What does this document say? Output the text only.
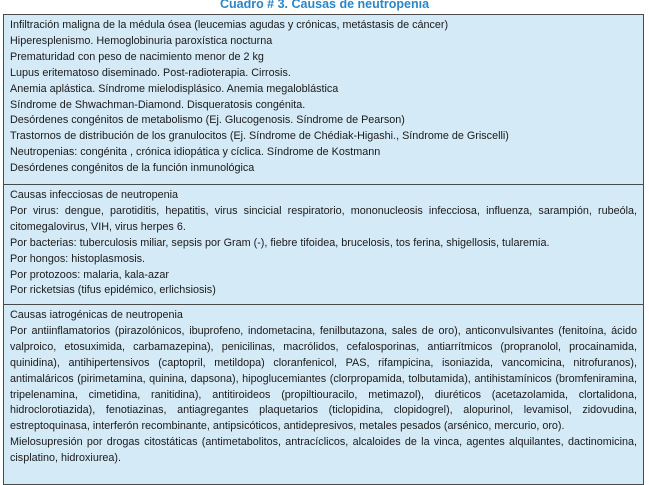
Cuadro # 3. Causas de neutropenia
Infiltración maligna de la médula ósea (leucemias agudas y crónicas, metástasis de cáncer)
Hiperesplenismo. Hemoglobinuria paroxística nocturna
Prematuridad con peso de nacimiento menor de 2 kg
Lupus eritematoso diseminado. Post-radioterapia. Cirrosis.
Anemia aplástica. Síndrome mielodisplásico. Anemia megaloblástica
Síndrome de Shwachman-Diamond. Disqueratosis congénita.
Desórdenes congénitos de metabolismo (Ej. Glucogenosis. Síndrome de Pearson)
Trastornos de distribución de los granulocitos (Ej. Síndrome de Chédiak-Higashi., Síndrome de Griscelli)
Neutropenias: congénita , crónica idiopática y cíclica. Síndrome de Kostmann
Desórdenes congénitos de la función inmunológica
Causas infecciosas de neutropenia
Por virus: dengue, parotiditis, hepatitis, virus sincicial respiratorio, mononucleosis infecciosa, influenza, sarampión, rubeóla, citomegalovirus, VIH, virus herpes 6.
Por bacterias: tuberculosis miliar, sepsis por Gram (-), fiebre tifoidea, brucelosis, tos ferina, shigellosis, tularemia.
Por hongos: histoplasmosis.
Por protozoos: malaria, kala-azar
Por ricketsias (tifus epidémico, erlichsiosis)
Causas iatrogénicas de neutropenia
Por antiinflamatorios (pirazolónicos, ibuprofeno, indometacina, fenilbutazona, sales de oro), anticonvulsivantes (fenitoína, ácido valproico, etosuximida, carbamazepina), penicilinas, macrólidos, cefalosporinas, antiarrítmicos (propranolol, procainamida, quinidina), antihipertensivos (captopril, metildopa) cloranfenicol, PAS, rifampicina, isoniazida, vancomicina, nitrofuranos), antimaláricos (pirimetamina, quinina, dapsona), hipoglucemiantes (clorpropamida, tolbutamida), antihistamínicos (bromfeniramina, tripelenamina, cimetidina, ranitidina), antitiroideos (propiltiouracilo, metimazol), diuréticos (acetazolamida, clortalidona, hidroclorotiazida), fenotiazinas, antiagregantes plaquetarios (ticlopidina, clopidogrel), alopurinol, levamisol, zidovudina, estreptoquinasa, interferón recombinante, antipsicóticos, antidepresivos, metales pesados (arsénico, mercurio, oro).
Mielosupresión por drogas citostáticas (antimetabolitos, antracíclicos, alcaloides de la vinca, agentes alquilantes, dactinomicina, cisplatino, hidroxiurea).
